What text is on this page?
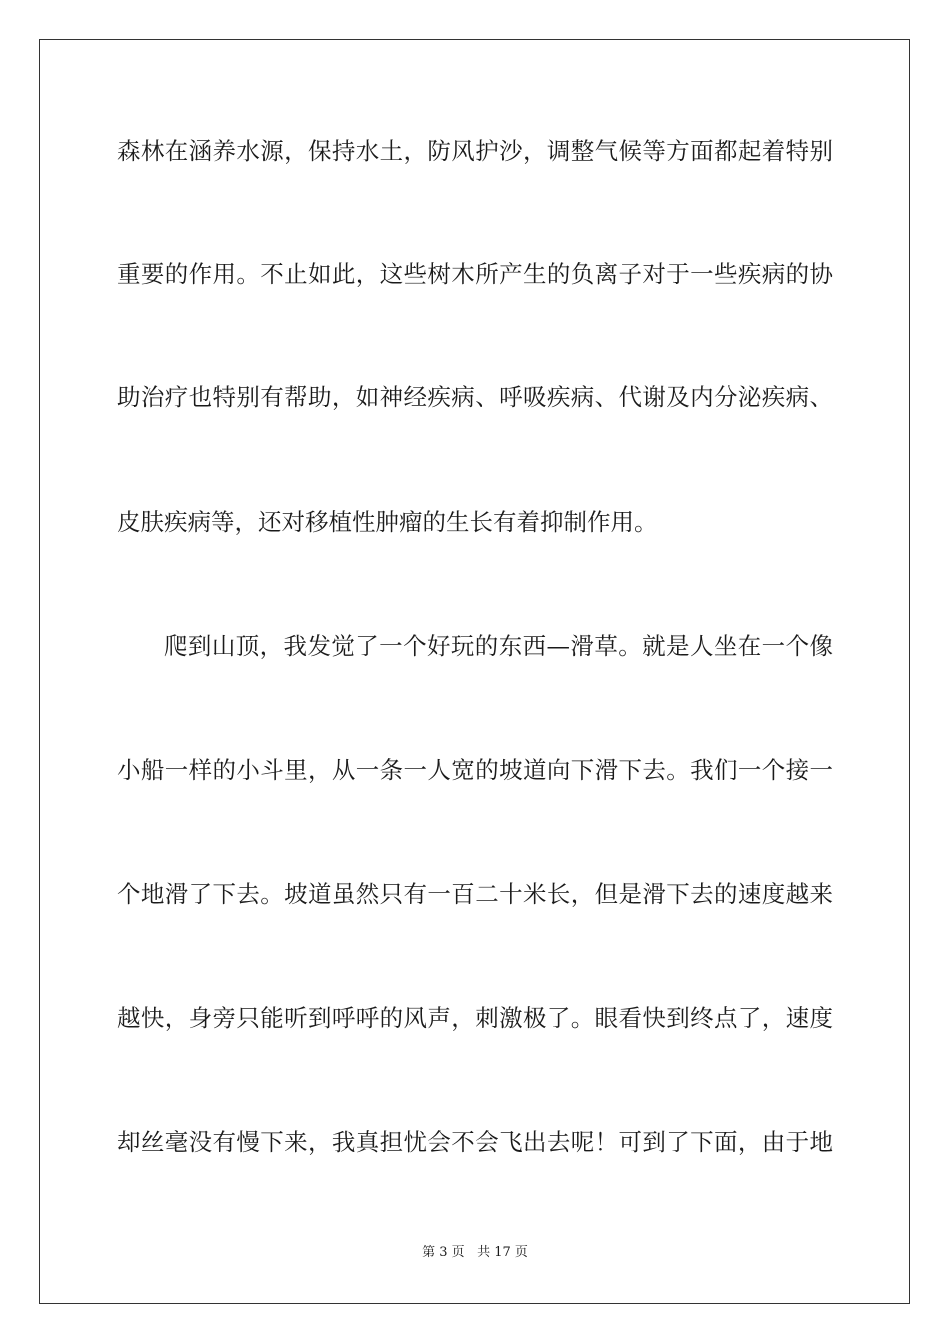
森林在涵养水源，保持水土，防风护沙，调整气候等方面都起着特别
重要的作用。不止如此，这些树木所产生的负离子对于一些疾病的协
助治疗也特别有帮助，如神经疾病、呼吸疾病、代谢及内分泌疾病、
皮肤疾病等，还对移植性肿瘤的生长有着抑制作用。
爬到山顶，我发觉了一个好玩的东西—滑草。就是人坐在一个像
小船一样的小斗里，从一条一人宽的坡道向下滑下去。我们一个接一
个地滑了下去。坡道虽然只有一百二十米长，但是滑下去的速度越来
越快，身旁只能听到呼呼的风声，刺激极了。眼看快到终点了，速度
却丝毫没有慢下来，我真担忧会不会飞出去呢！可到了下面，由于地
第 3 页 共 17 页
